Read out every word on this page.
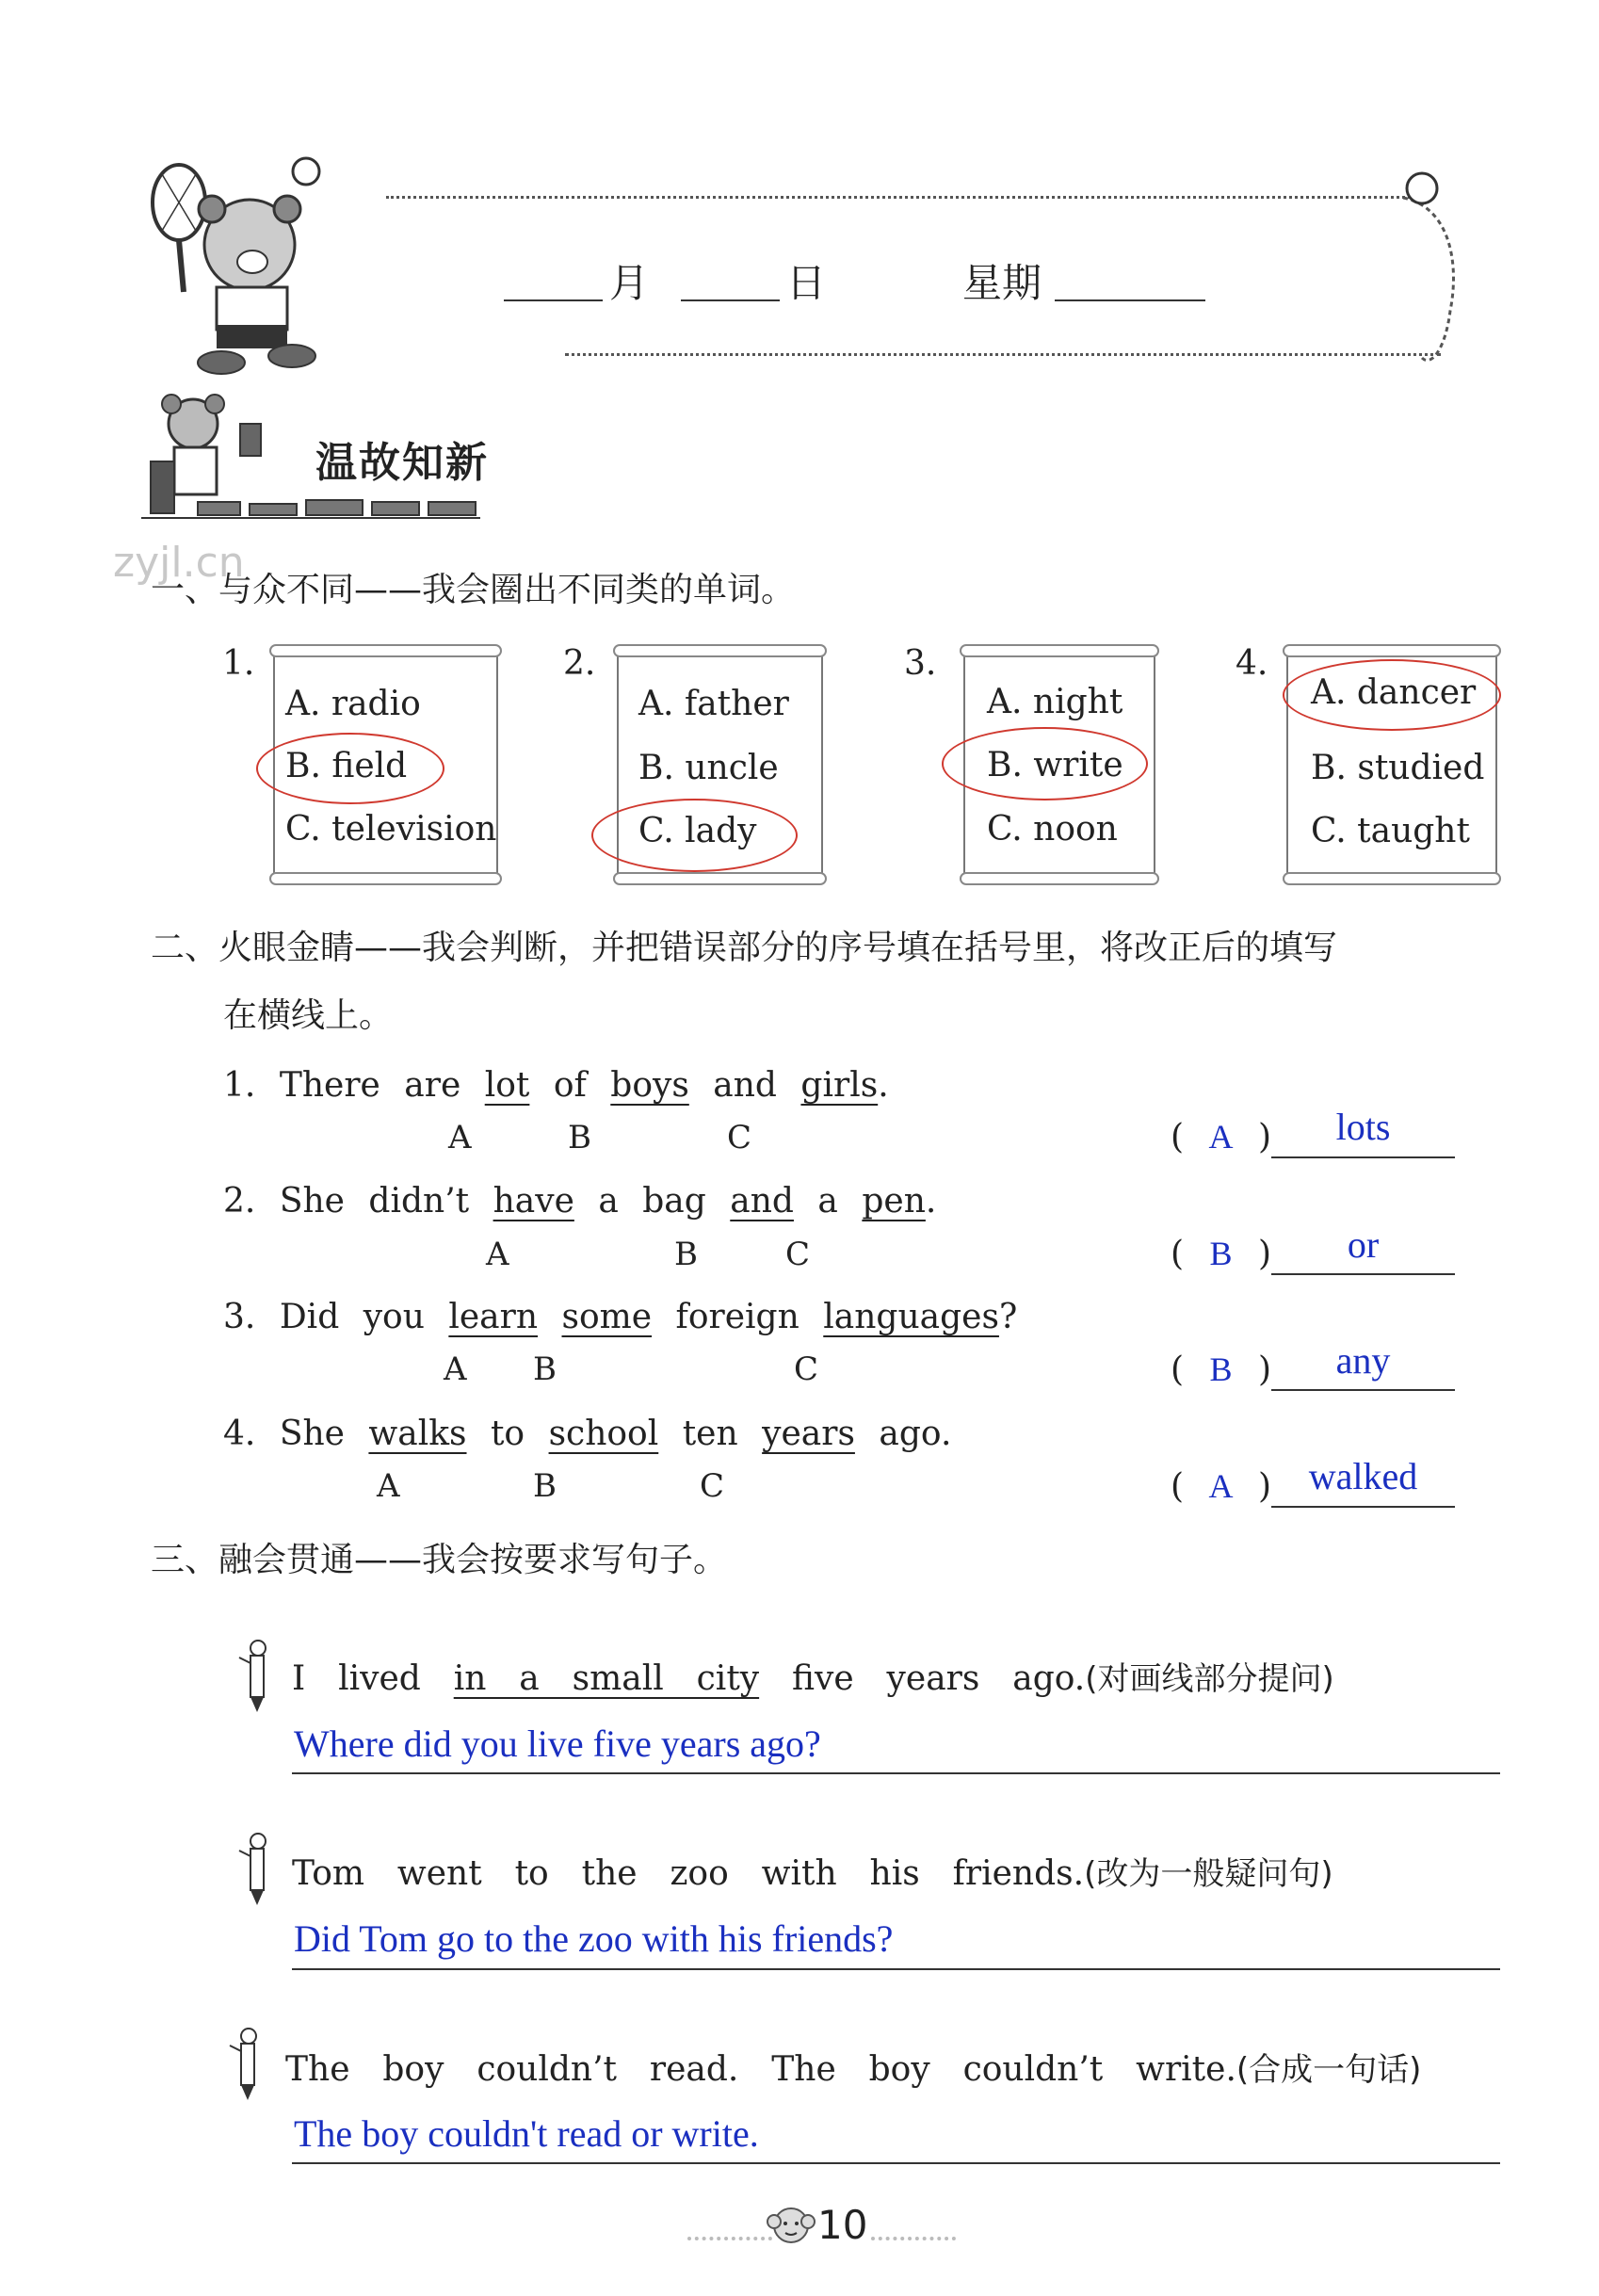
月	日	星期
温故知新
zyjl.cn
一、与众不同——我会圈出不同类的单词。
1.
A. radio
B. field
C. television
2.
A. father
B. uncle
C. lady
3.
A. night
B. write
C. noon
4.
A. dancer
B. studied
C. taught
二、火眼金睛——我会判断，并把错误部分的序号填在括号里，将改正后的填写
在横线上。
1. There are lot of boys and girls.
A	B	C	( A )	lots
2. She didn’t have a bag and a pen.
A	B	C	( B )	or
3. Did you learn some foreign languages?
A B	C	( B )	any
4. She walks to school ten years ago.
A	B	C	( A ) walked
三、融会贯通——我会按要求写句子。
I  lived  in  a  small  city  five  years  ago.(对画线部分提问)
Where did you live five years ago?
Tom  went  to  the  zoo  with  his  friends.(改为一般疑问句)
Did Tom go to the zoo with his friends?
The  boy  couldn’t  read.  The  boy  couldn’t  write.(合成一句话)
The boy couldn't read or write.
10
